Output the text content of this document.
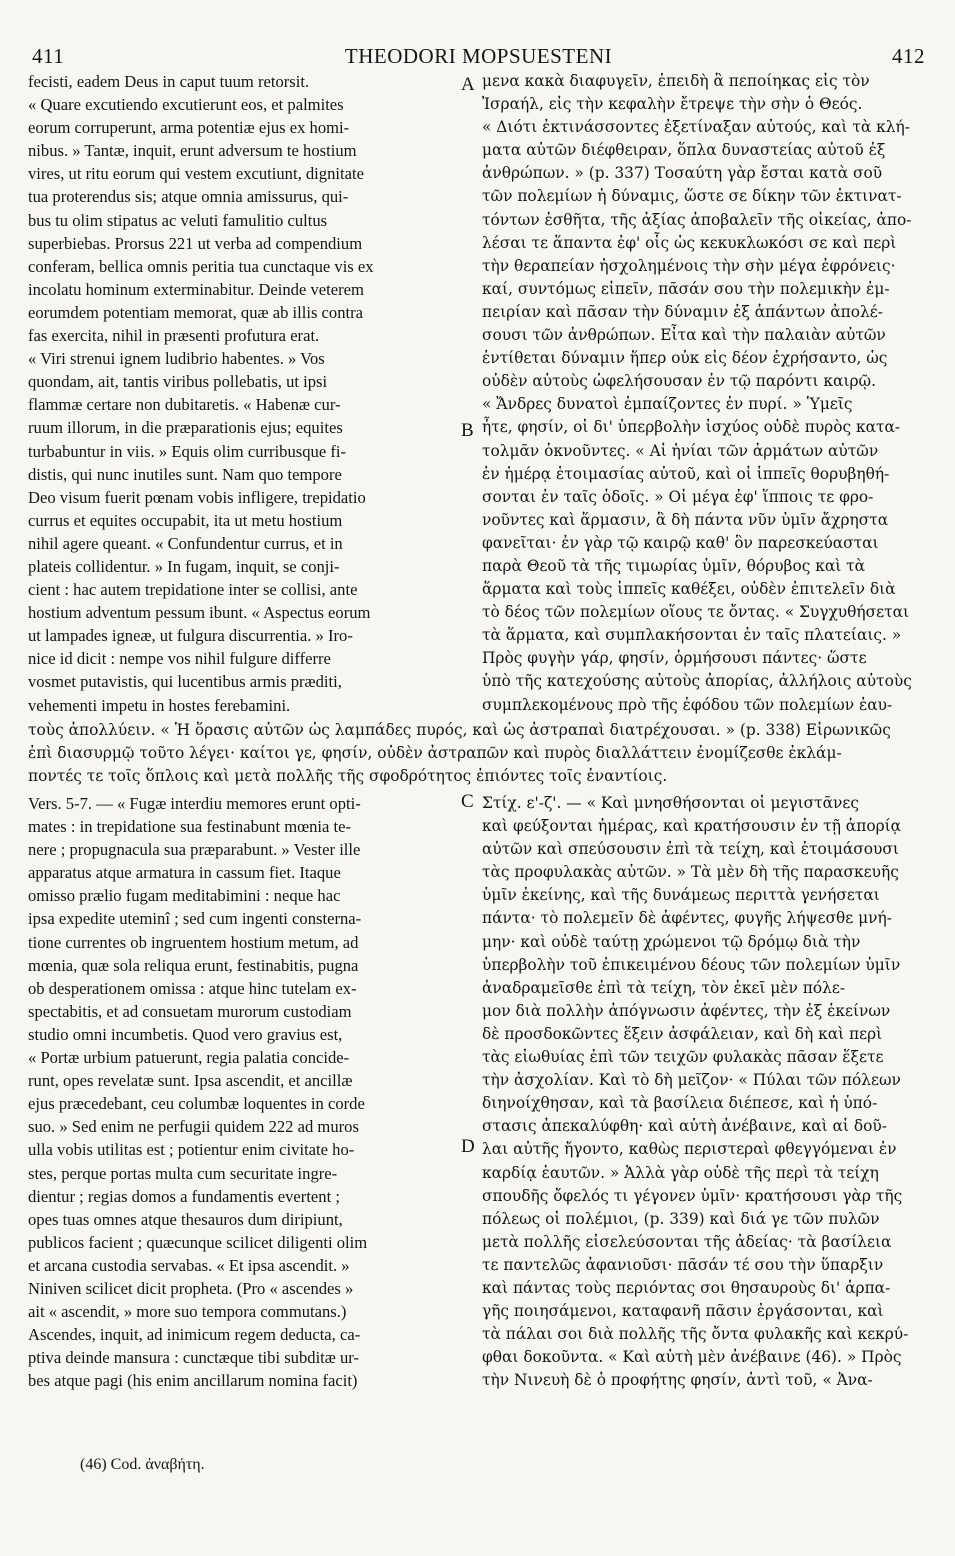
411	THEODORI MOPSUESTENI	412
fecisti, eadem Deus in caput tuum retorsit.
« Quare excutiendo excutierunt eos, et palmites
eorum corruperunt, arma potentiæ ejus ex homi-
nibus. » Tantæ, inquit, erunt adversum te hostium
vires, ut ritu eorum qui vestem excutiunt, dignitate
tua proterendus sis; atque omnia amissurus, qui-
bus tu olim stipatus ac veluti famulitio cultus
superbiebas. Prorsus 221 ut verba ad compendium
conferam, bellica omnis peritia tua cunctaque vis ex
incolatu hominum exterminabitur. Deinde veterem
eorumdem potentiam memorat, quæ ab illis contra
fas exercita, nihil in præsenti profutura erat.
« Viri strenui ignem ludibrio habentes. » Vos
quondam, ait, tantis viribus pollebatis, ut ipsi
flammæ certare non dubitaretis. « Habenæ cur-
ruum illorum, in die præparationis ejus; equites
turbabuntur in viis. » Equis olim curribusque fi-
distis, qui nunc inutiles sunt. Nam quo tempore
Deo visum fuerit pœnam vobis infligere, trepidatio
currus et equites occupabit, ita ut metu hostium
nihil agere queant. « Confundentur currus, et in
plateis collidentur. » In fugam, inquit, se conji-
cient : hac autem trepidatione inter se collisi, ante
hostium adventum pessum ibunt. « Aspectus eorum
ut lampades igneæ, ut fulgura discurrentia. » Iro-
nice id dicit : nempe vos nihil fulgure differre
vosmet putavistis, qui lucentibus armis præditi,
vehementi impetu in hostes ferebamini.
μενα κακὰ διαφυγεῖν, ἐπειδὴ ἃ πεποίηκας εἰς τὸν
Ἰσραήλ, εἰς τὴν κεφαλὴν ἔτρεψε τὴν σὴν ὁ Θεός.
« Διότι ἐκτινάσσοντες ἐξετίναξαν αὐτούς, καὶ τὰ κλή-
ματα αὐτῶν διέφθειραν, ὅπλα δυναστείας αὐτοῦ ἐξ
ἀνθρώπων. » (p. 337) Τοσαύτη γὰρ ἔσται κατὰ σοῦ
τῶν πολεμίων ἡ δύναμις, ὥστε σε δίκην τῶν ἐκτινατ-
τόντων ἐσθῆτα, τῆς ἀξίας ἀποβαλεῖν τῆς οἰκείας, ἀπο-
λέσαι τε ἅπαντα ἐφ' οἷς ὡς κεκυκλωκόσι σε καὶ περὶ
τὴν θεραπείαν ἠσχολημένοις τὴν σὴν μέγα ἐφρόνεις·
καί, συντόμως εἰπεῖν, πᾶσάν σου τὴν πολεμικὴν ἐμ-
πειρίαν καὶ πᾶσαν τὴν δύναμιν ἐξ ἁπάντων ἀπολέ-
σουσι τῶν ἀνθρώπων. Εἶτα καὶ τὴν παλαιὰν αὐτῶν
ἐντίθεται δύναμιν ἥπερ οὐκ εἰς δέον ἐχρήσαντο, ὡς
οὐδὲν αὐτοὺς ὠφελήσουσαν ἐν τῷ παρόντι καιρῷ.
« Ἄνδρες δυνατοὶ ἐμπαίζοντες ἐν πυρί. » Ὑμεῖς
ἦτε, φησίν, οἱ δι' ὑπερβολὴν ἰσχύος οὐδὲ πυρὸς κατα-
τολμᾶν ὀκνοῦντες. « Αἱ ἡνίαι τῶν ἁρμάτων αὐτῶν
ἐν ἡμέρᾳ ἑτοιμασίας αὐτοῦ, καὶ οἱ ἱππεῖς θορυβηθή-
σονται ἐν ταῖς ὁδοῖς. » Οἱ μέγα ἐφ' ἵπποις τε φρο-
νοῦντες καὶ ἅρμασιν, ἃ δὴ πάντα νῦν ὑμῖν ἄχρηστα
φανεῖται· ἐν γὰρ τῷ καιρῷ καθ' ὃν παρεσκεύασται
παρὰ Θεοῦ τὰ τῆς τιμωρίας ὑμῖν, θόρυβος καὶ τὰ
ἅρματα καὶ τοὺς ἱππεῖς καθέξει, οὐδὲν ἐπιτελεῖν διὰ
τὸ δέος τῶν πολεμίων οἵους τε ὄντας. « Συγχυθήσεται
τὰ ἅρματα, καὶ συμπλακήσονται ἐν ταῖς πλατείαις. »
Πρὸς φυγὴν γάρ, φησίν, ὁρμήσουσι πάντες· ὥστε
ὑπὸ τῆς κατεχούσης αὐτοὺς ἀπορίας, ἀλλήλοις αὐτοὺς
συμπλεκομένους πρὸ τῆς ἐφόδου τῶν πολεμίων ἐαυ-
A
B
τοὺς ἀπολλύειν. « Ἡ ὅρασις αὐτῶν ὡς λαμπάδες πυρός, καὶ ὡς ἀστραπαὶ διατρέχουσαι. » (p. 338) Εἰρωνικῶς
ἐπὶ διασυρμῷ τοῦτο λέγει· καίτοι γε, φησίν, οὐδὲν ἀστραπῶν καὶ πυρὸς διαλλάττειν ἐνομίζεσθε ἐκλάμ-
ποντές τε τοῖς ὅπλοις καὶ μετὰ πολλῆς τῆς σφοδρότητος ἐπιόντες τοῖς ἐναντίοις.
C
D
Vers. 5-7. — « Fugæ interdiu memores erunt opti-
mates : in trepidatione sua festinabunt mœnia te-
nere ; propugnacula sua præparabunt. » Vester ille
apparatus atque armatura in cassum fiet. Itaque
omisso prælio fugam meditabimini : neque hac
ipsa expedite uteminî ; sed cum ingenti consterna-
tione currentes ob ingruentem hostium metum, ad
mœnia, quæ sola reliqua erunt, festinabitis, pugna
ob desperationem omissa : atque hinc tutelam ex-
spectabitis, et ad consuetam murorum custodiam
studio omni incumbetis. Quod vero gravius est,
« Portæ urbium patuerunt, regia palatia concide-
runt, opes revelatæ sunt. Ipsa ascendit, et ancillæ
ejus præcedebant, ceu columbæ loquentes in corde
suo. » Sed enim ne perfugii quidem 222 ad muros
ulla vobis utilitas est ; potientur enim civitate ho-
stes, perque portas multa cum securitate ingre-
dientur ; regias domos a fundamentis evertent ;
opes tuas omnes atque thesauros dum diripiunt,
publicos facient ; quæcunque scilicet diligenti olim
et arcana custodia servabas. « Et ipsa ascendit. »
Niniven scilicet dicit propheta. (Pro « ascendes »
ait « ascendit, » more suo tempora commutans.)
Ascendes, inquit, ad inimicum regem deducta, ca-
ptiva deinde mansura : cunctæque tibi subditæ ur-
bes atque pagi (his enim ancillarum nomina facit)
Στίχ. ε'-ζ'. — « Καὶ μνησθήσονται οἱ μεγιστᾶνες
καὶ φεύξονται ἡμέρας, καὶ κρατήσουσιν ἐν τῇ ἀπορίᾳ
αὐτῶν καὶ σπεύσουσιν ἐπὶ τὰ τείχη, καὶ ἑτοιμάσουσι
τὰς προφυλακὰς αὐτῶν. » Τὰ μὲν δὴ τῆς παρασκευῆς
ὑμῖν ἐκείνης, καὶ τῆς δυνάμεως περιττὰ γενήσεται
πάντα· τὸ πολεμεῖν δὲ ἀφέντες, φυγῆς λήψεσθε μνή-
μην· καὶ οὐδὲ ταύτῃ χρώμενοι τῷ δρόμῳ διὰ τὴν
ὑπερβολὴν τοῦ ἐπικειμένου δέους τῶν πολεμίων ὑμῖν
ἀναδραμεῖσθε ἐπὶ τὰ τείχη, τὸν ἐκεῖ μὲν πόλε-
μον διὰ πολλὴν ἀπόγνωσιν ἀφέντες, τὴν ἐξ ἐκείνων
δὲ προσδοκῶντες ἕξειν ἀσφάλειαν, καὶ δὴ καὶ περὶ
τὰς εἰωθυίας ἐπὶ τῶν τειχῶν φυλακὰς πᾶσαν ἕξετε
τὴν ἀσχολίαν. Καὶ τὸ δὴ μεῖζον· « Πύλαι τῶν πόλεων
διηνοίχθησαν, καὶ τὰ βασίλεια διέπεσε, καὶ ἡ ὑπό-
στασις ἀπεκαλύφθη· καὶ αὐτὴ ἀνέβαινε, καὶ αἱ δοῦ-
λαι αὐτῆς ἤγοντο, καθὼς περιστεραὶ φθεγγόμεναι ἐν
καρδίᾳ ἑαυτῶν. » Ἀλλὰ γὰρ οὐδὲ τῆς περὶ τὰ τείχη
σπουδῆς ὄφελός τι γέγονεν ὑμῖν· κρατήσουσι γὰρ τῆς
πόλεως οἱ πολέμιοι, (p. 339) καὶ διά γε τῶν πυλῶν
μετὰ πολλῆς εἰσελεύσονται τῆς ἀδείας· τὰ βασίλεια
τε παντελῶς ἀφανιοῦσι· πᾶσάν τέ σου τὴν ὕπαρξιν
καὶ πάντας τοὺς περιόντας σοι θησαυροὺς δι' ἁρπα-
γῆς ποιησάμενοι, καταφανῆ πᾶσιν ἐργάσονται, καὶ
τὰ πάλαι σοι διὰ πολλῆς τῆς ὄντα φυλακῆς καὶ κεκρύ-
φθαι δοκοῦντα. « Καὶ αὐτὴ μὲν ἀνέβαινε (46). » Πρὸς
τὴν Νινευὴ δὲ ὁ προφήτης φησίν, ἀντὶ τοῦ, « Ἀνα-
(46) Cod. ἀναβήτη.
